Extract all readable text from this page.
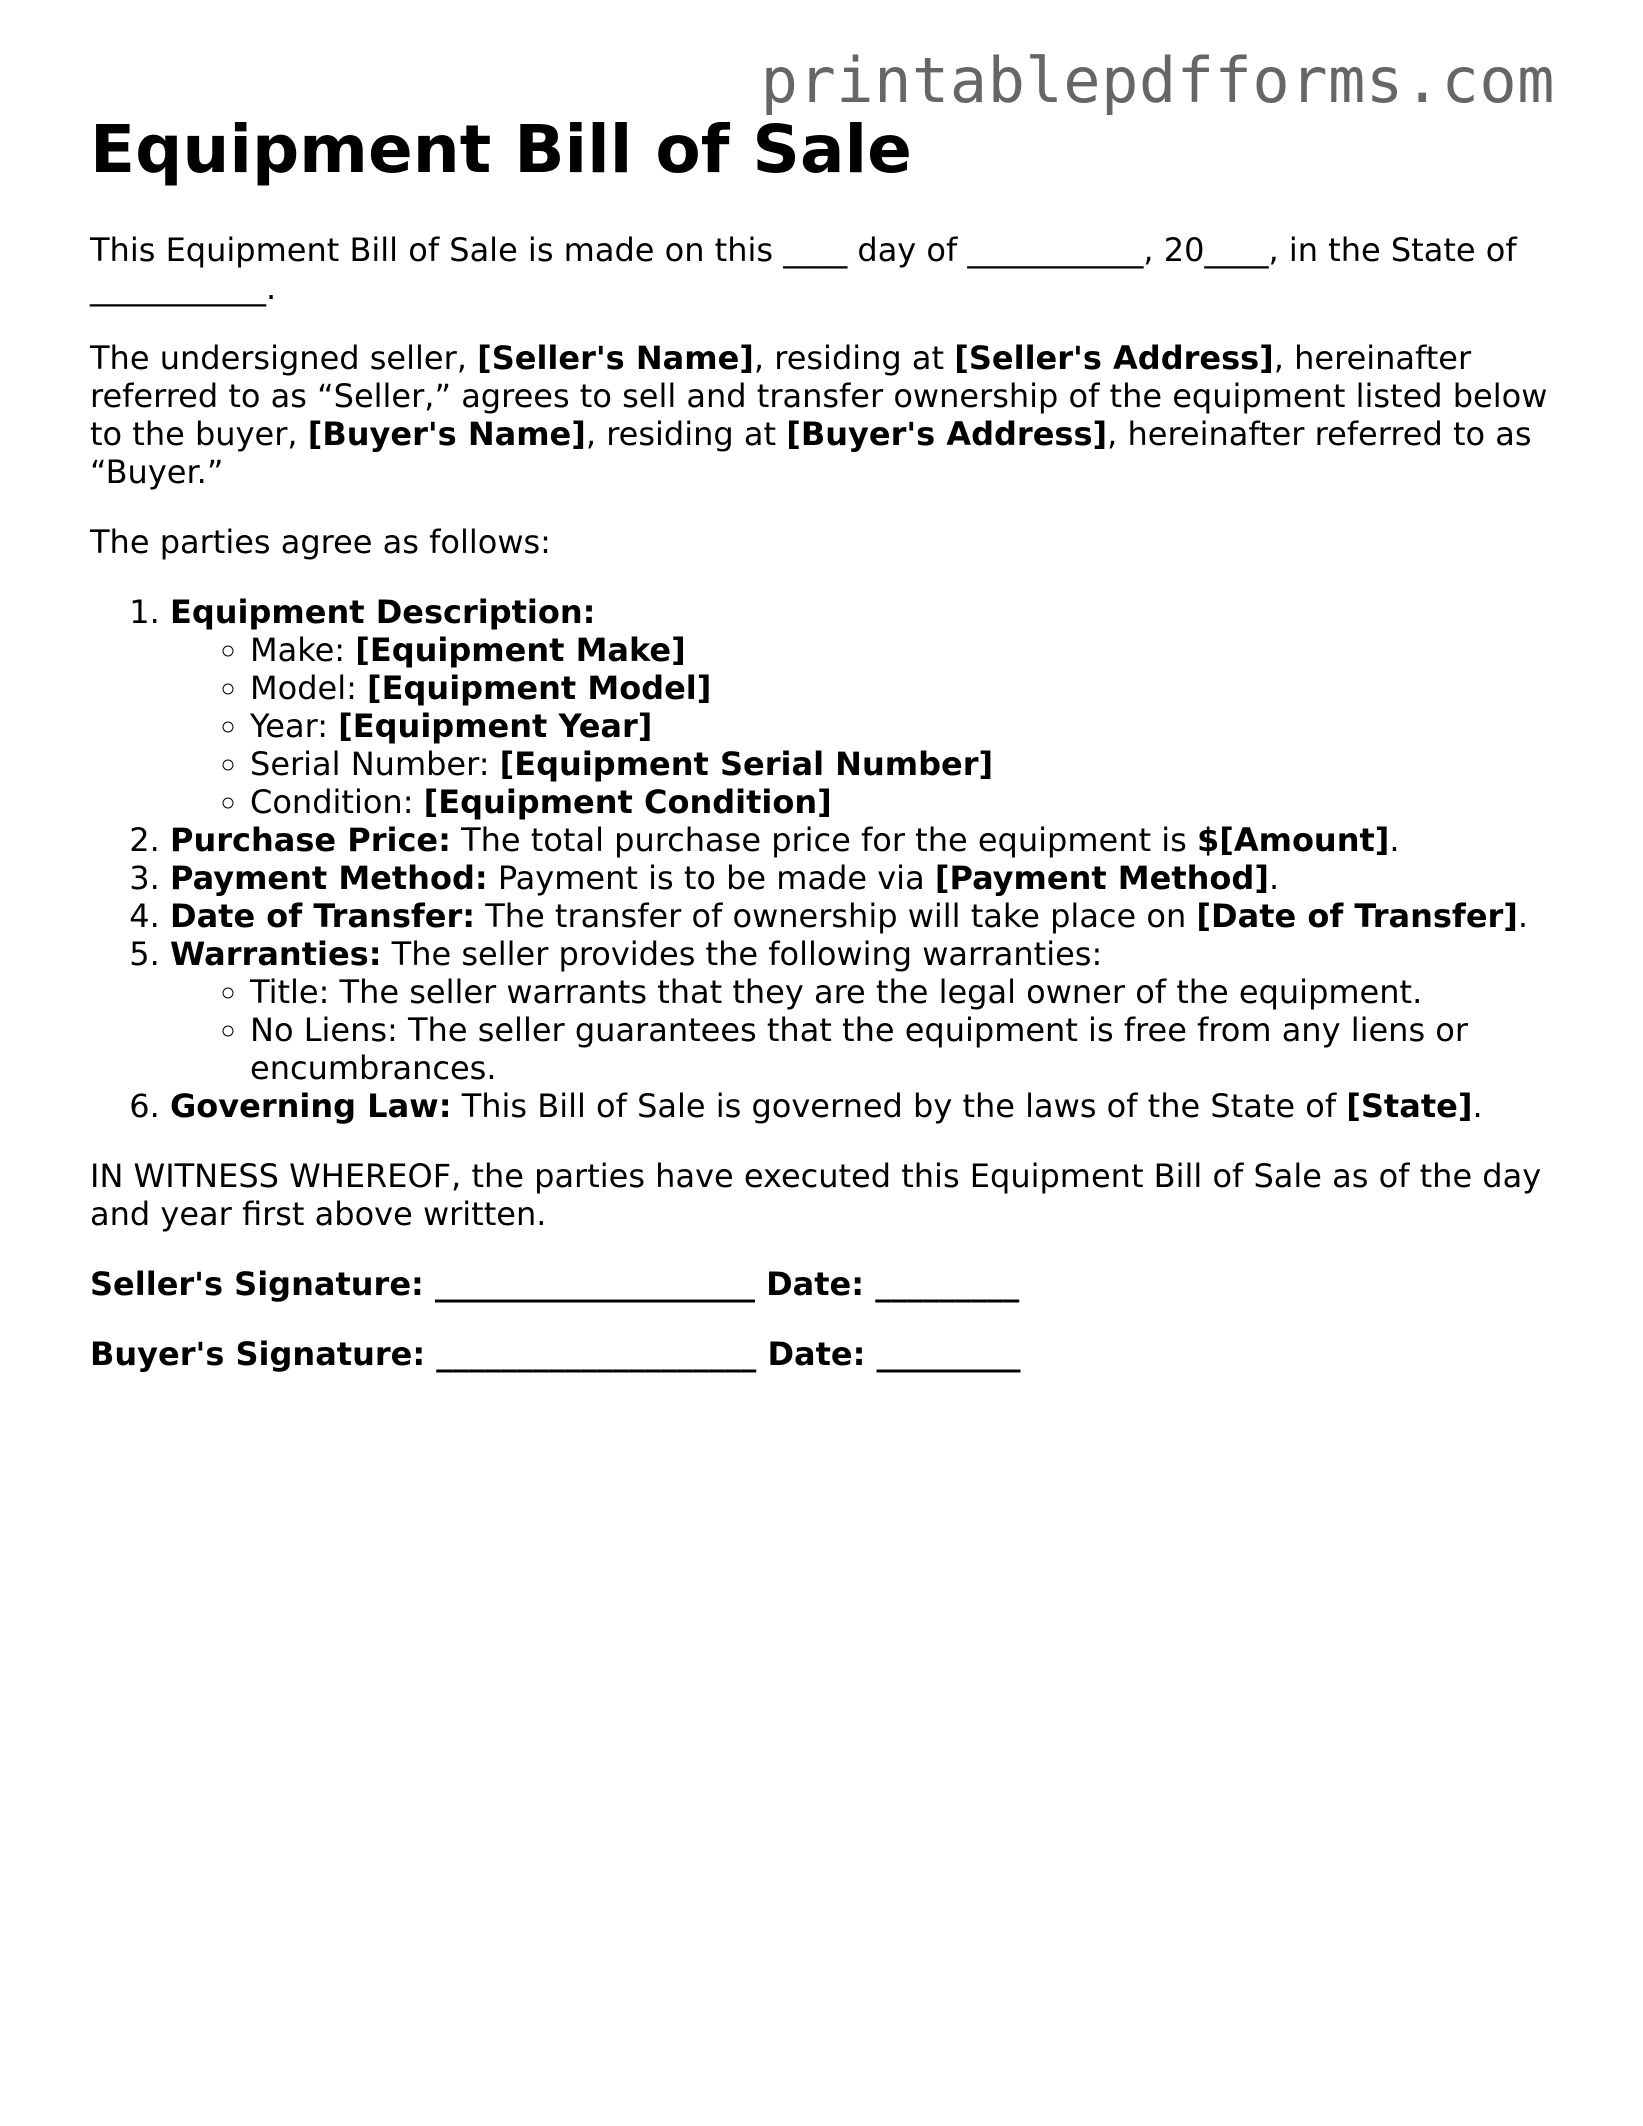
printablepdfforms.com
Equipment Bill of Sale

This Equipment Bill of Sale is made on this ____ day of ___________, 20____, in the State of ___________.

The undersigned seller, [Seller's Name], residing at [Seller's Address], hereinafter referred to as “Seller,” agrees to sell and transfer ownership of the equipment listed below to the buyer, [Buyer's Name], residing at [Buyer's Address], hereinafter referred to as “Buyer.”

The parties agree as follows:

1. Equipment Description:
◦ Make: [Equipment Make]
◦ Model: [Equipment Model]
◦ Year: [Equipment Year]
◦ Serial Number: [Equipment Serial Number]
◦ Condition: [Equipment Condition]
2. Purchase Price: The total purchase price for the equipment is $[Amount].
3. Payment Method: Payment is to be made via [Payment Method].
4. Date of Transfer: The transfer of ownership will take place on [Date of Transfer].
5. Warranties: The seller provides the following warranties:
◦ Title: The seller warrants that they are the legal owner of the equipment.
◦ No Liens: The seller guarantees that the equipment is free from any liens or encumbrances.
6. Governing Law: This Bill of Sale is governed by the laws of the State of [State].

IN WITNESS WHEREOF, the parties have executed this Equipment Bill of Sale as of the day and year first above written.

Seller's Signature: ____________________ Date: _________
Buyer's Signature: ____________________ Date: _________
